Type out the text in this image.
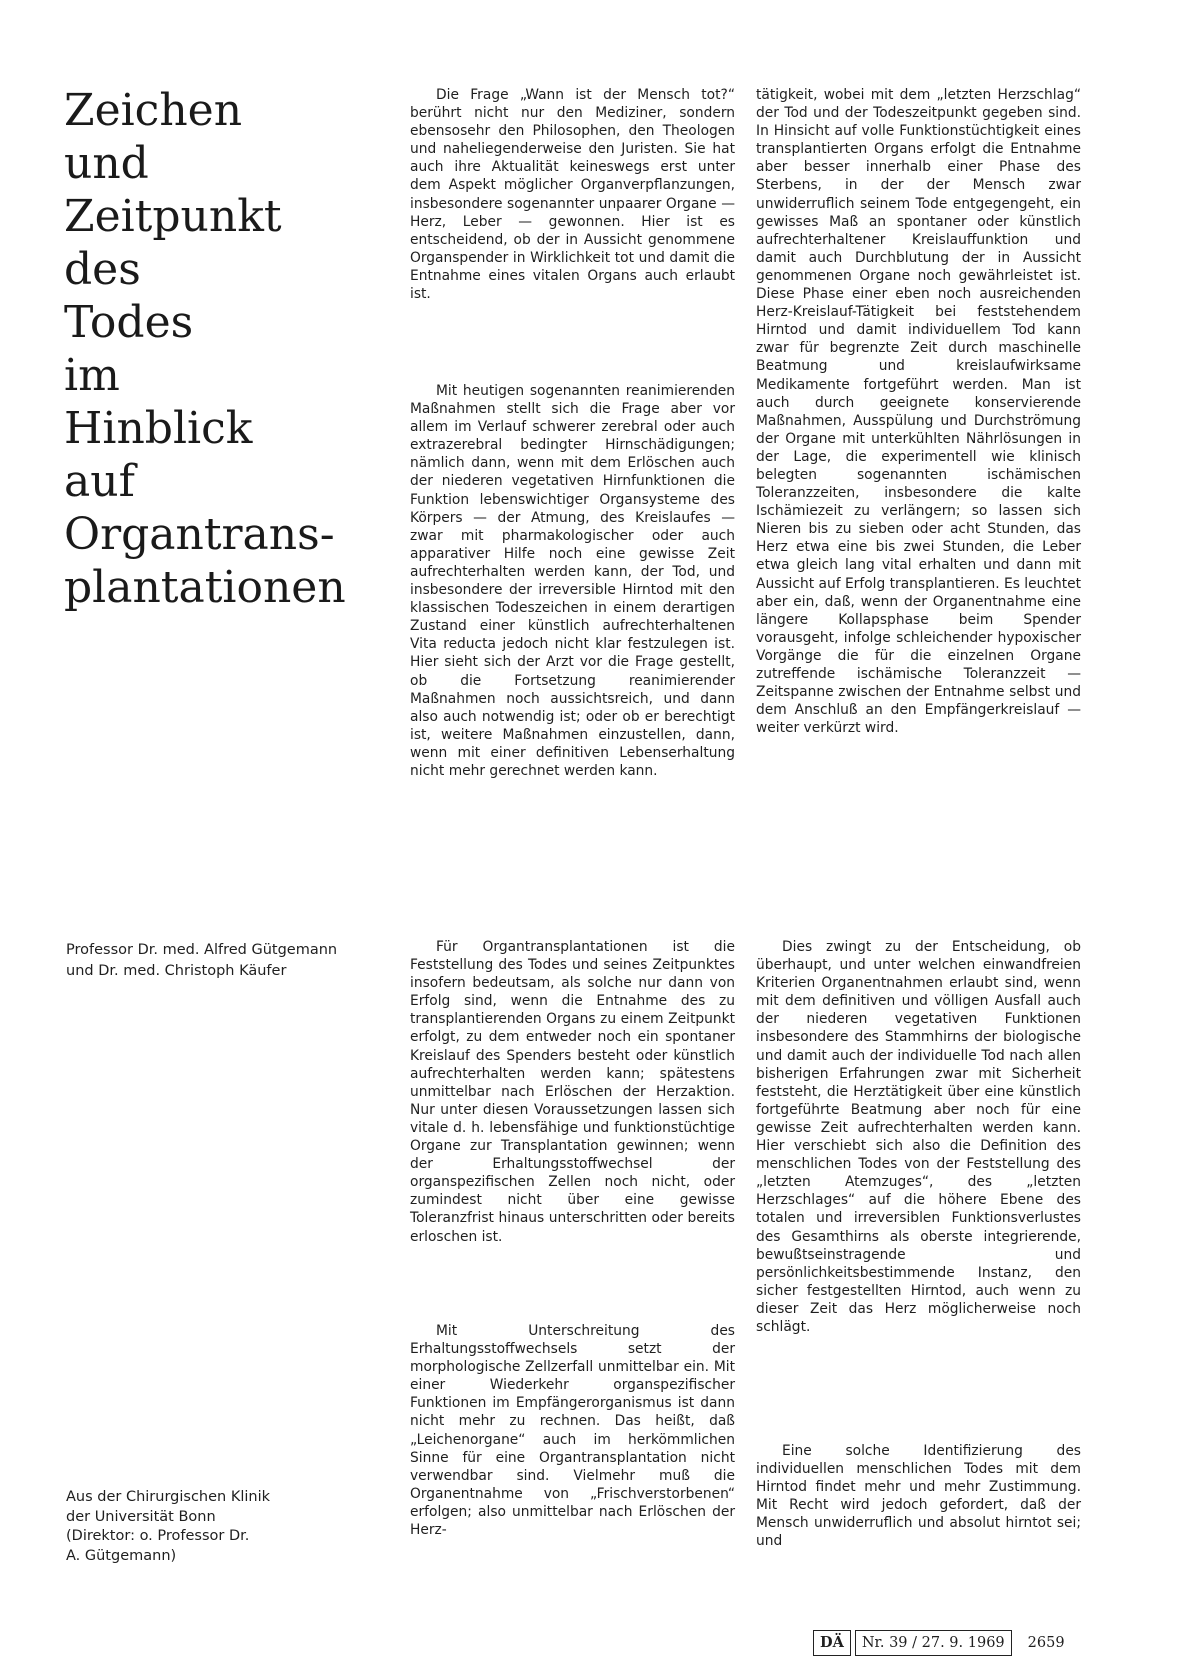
Zeichen
und
Zeitpunkt
des
Todes
im
Hinblick
auf
Organtrans-
plantationen

Professor Dr. med. Alfred Gütgemann
und Dr. med. Christoph Käufer

Aus der Chirurgischen Klinik
der Universität Bonn
(Direktor: o. Professor Dr.
A. Gütgemann)

Die Frage „Wann ist der Mensch tot?“ berührt nicht nur den Mediziner, sondern ebensosehr den Philosophen, den Theologen und naheliegenderweise den Juristen. Sie hat auch ihre Aktualität keineswegs erst unter dem Aspekt möglicher Organverpflanzungen, insbesondere sogenannter unpaarer Organe — Herz, Leber — gewonnen. Hier ist es entscheidend, ob der in Aussicht genommene Organspender in Wirklichkeit tot und damit die Entnahme eines vitalen Organs auch erlaubt ist.

Mit heutigen sogenannten reanimierenden Maßnahmen stellt sich die Frage aber vor allem im Verlauf schwerer zerebral oder auch extrazerebral bedingter Hirnschädigungen; nämlich dann, wenn mit dem Erlöschen auch der niederen vegetativen Hirnfunktionen die Funktion lebenswichtiger Organsysteme des Körpers — der Atmung, des Kreislaufes — zwar mit pharmakologischer oder auch apparativer Hilfe noch eine gewisse Zeit aufrechterhalten werden kann, der Tod, und insbesondere der irreversible Hirntod mit den klassischen Todeszeichen in einem derartigen Zustand einer künstlich aufrechterhaltenen Vita reducta jedoch nicht klar festzulegen ist. Hier sieht sich der Arzt vor die Frage gestellt, ob die Fortsetzung reanimierender Maßnahmen noch aussichtsreich, und dann also auch notwendig ist; oder ob er berechtigt ist, weitere Maßnahmen einzustellen, dann, wenn mit einer definitiven Lebenserhaltung nicht mehr gerechnet werden kann.

Für Organtransplantationen ist die Feststellung des Todes und seines Zeitpunktes insofern bedeutsam, als solche nur dann von Erfolg sind, wenn die Entnahme des zu transplantierenden Organs zu einem Zeitpunkt erfolgt, zu dem entweder noch ein spontaner Kreislauf des Spenders besteht oder künstlich aufrechterhalten werden kann; spätestens unmittelbar nach Erlöschen der Herzaktion. Nur unter diesen Voraussetzungen lassen sich vitale d. h. lebensfähige und funktionstüchtige Organe zur Transplantation gewinnen; wenn der Erhaltungsstoffwechsel der organspezifischen Zellen noch nicht, oder zumindest nicht über eine gewisse Toleranzfrist hinaus unterschritten oder bereits erloschen ist.

Mit Unterschreitung des Erhaltungsstoffwechsels setzt der morphologische Zellzerfall unmittelbar ein. Mit einer Wiederkehr organspezifischer Funktionen im Empfängerorganismus ist dann nicht mehr zu rechnen. Das heißt, daß „Leichenorgane“ auch im herkömmlichen Sinne für eine Organtransplantation nicht verwendbar sind. Vielmehr muß die Organentnahme von „Frischverstorbenen“ erfolgen; also unmittelbar nach Erlöschen der Herz-

tätigkeit, wobei mit dem „letzten Herzschlag“ der Tod und der Todeszeitpunkt gegeben sind. In Hinsicht auf volle Funktionstüchtigkeit eines transplantierten Organs erfolgt die Entnahme aber besser innerhalb einer Phase des Sterbens, in der der Mensch zwar unwiderruflich seinem Tode entgegengeht, ein gewisses Maß an spontaner oder künstlich aufrechterhaltener Kreislauffunktion und damit auch Durchblutung der in Aussicht genommenen Organe noch gewährleistet ist. Diese Phase einer eben noch ausreichenden Herz-Kreislauf-Tätigkeit bei feststehendem Hirntod und damit individuellem Tod kann zwar für begrenzte Zeit durch maschinelle Beatmung und kreislaufwirksame Medikamente fortgeführt werden. Man ist auch durch geeignete konservierende Maßnahmen, Ausspülung und Durchströmung der Organe mit unterkühlten Nährlösungen in der Lage, die experimentell wie klinisch belegten sogenannten ischämischen Toleranzzeiten, insbesondere die kalte Ischämiezeit zu verlängern; so lassen sich Nieren bis zu sieben oder acht Stunden, das Herz etwa eine bis zwei Stunden, die Leber etwa gleich lang vital erhalten und dann mit Aussicht auf Erfolg transplantieren. Es leuchtet aber ein, daß, wenn der Organentnahme eine längere Kollapsphase beim Spender vorausgeht, infolge schleichender hypoxischer Vorgänge die für die einzelnen Organe zutreffende ischämische Toleranzzeit — Zeitspanne zwischen der Entnahme selbst und dem Anschluß an den Empfängerkreislauf — weiter verkürzt wird.

Dies zwingt zu der Entscheidung, ob überhaupt, und unter welchen einwandfreien Kriterien Organentnahmen erlaubt sind, wenn mit dem definitiven und völligen Ausfall auch der niederen vegetativen Funktionen insbesondere des Stammhirns der biologische und damit auch der individuelle Tod nach allen bisherigen Erfahrungen zwar mit Sicherheit feststeht, die Herztätigkeit über eine künstlich fortgeführte Beatmung aber noch für eine gewisse Zeit aufrechterhalten werden kann. Hier verschiebt sich also die Definition des menschlichen Todes von der Feststellung des „letzten Atemzuges“, des „letzten Herzschlages“ auf die höhere Ebene des totalen und irreversiblen Funktionsverlustes des Gesamthirns als oberste integrierende, bewußtseinstragende und persönlichkeitsbestimmende Instanz, den sicher festgestellten Hirntod, auch wenn zu dieser Zeit das Herz möglicherweise noch schlägt.

Eine solche Identifizierung des individuellen menschlichen Todes mit dem Hirntod findet mehr und mehr Zustimmung. Mit Recht wird jedoch gefordert, daß der Mensch unwiderruflich und absolut hirntot sei; und

DÄ	Nr. 39 / 27. 9. 1969	2659
